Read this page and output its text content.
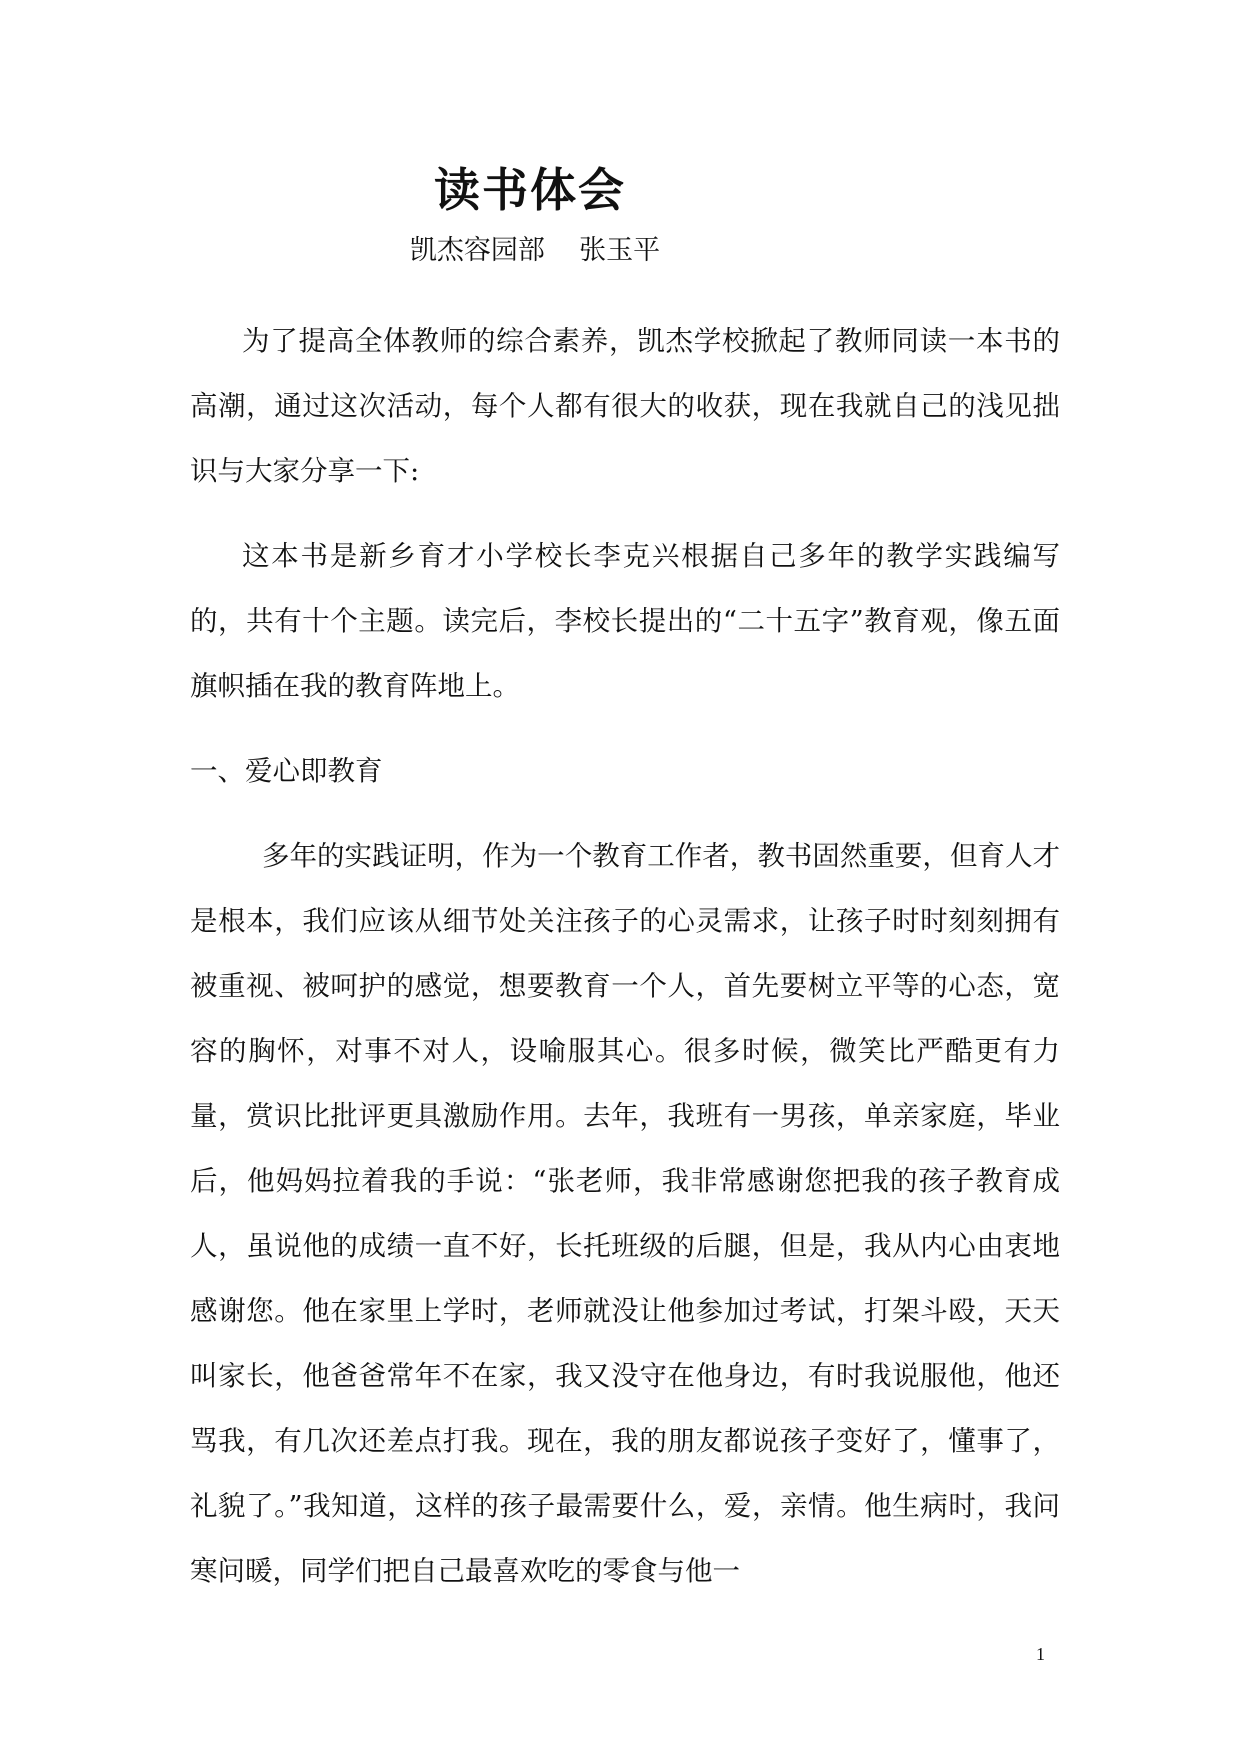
读书体会
凯杰容园部    张玉平

为了提高全体教师的综合素养，凯杰学校掀起了教师同读一本书的高潮，通过这次活动，每个人都有很大的收获，现在我就自己的浅见拙识与大家分享一下:

这本书是新乡育才小学校长李克兴根据自己多年的教学实践编写的，共有十个主题。读完后，李校长提出的“二十五字”教育观，像五面旗帜插在我的教育阵地上。

一、爱心即教育

多年的实践证明，作为一个教育工作者，教书固然重要，但育人才是根本，我们应该从细节处关注孩子的心灵需求，让孩子时时刻刻拥有被重视、被呵护的感觉，想要教育一个人，首先要树立平等的心态，宽容的胸怀，对事不对人，设喻服其心。很多时候，微笑比严酷更有力量，赏识比批评更具激励作用。去年，我班有一男孩，单亲家庭，毕业后，他妈妈拉着我的手说：“张老师，我非常感谢您把我的孩子教育成人，虽说他的成绩一直不好，长托班级的后腿，但是，我从内心由衷地感谢您。他在家里上学时，老师就没让他参加过考试，打架斗殴，天天叫家长，他爸爸常年不在家，我又没守在他身边，有时我说服他，他还骂我，有几次还差点打我。现在，我的朋友都说孩子变好了，懂事了，礼貌了。”我知道，这样的孩子最需要什么，爱，亲情。他生病时，我问寒问暖，同学们把自己最喜欢吃的零食与他一

1
